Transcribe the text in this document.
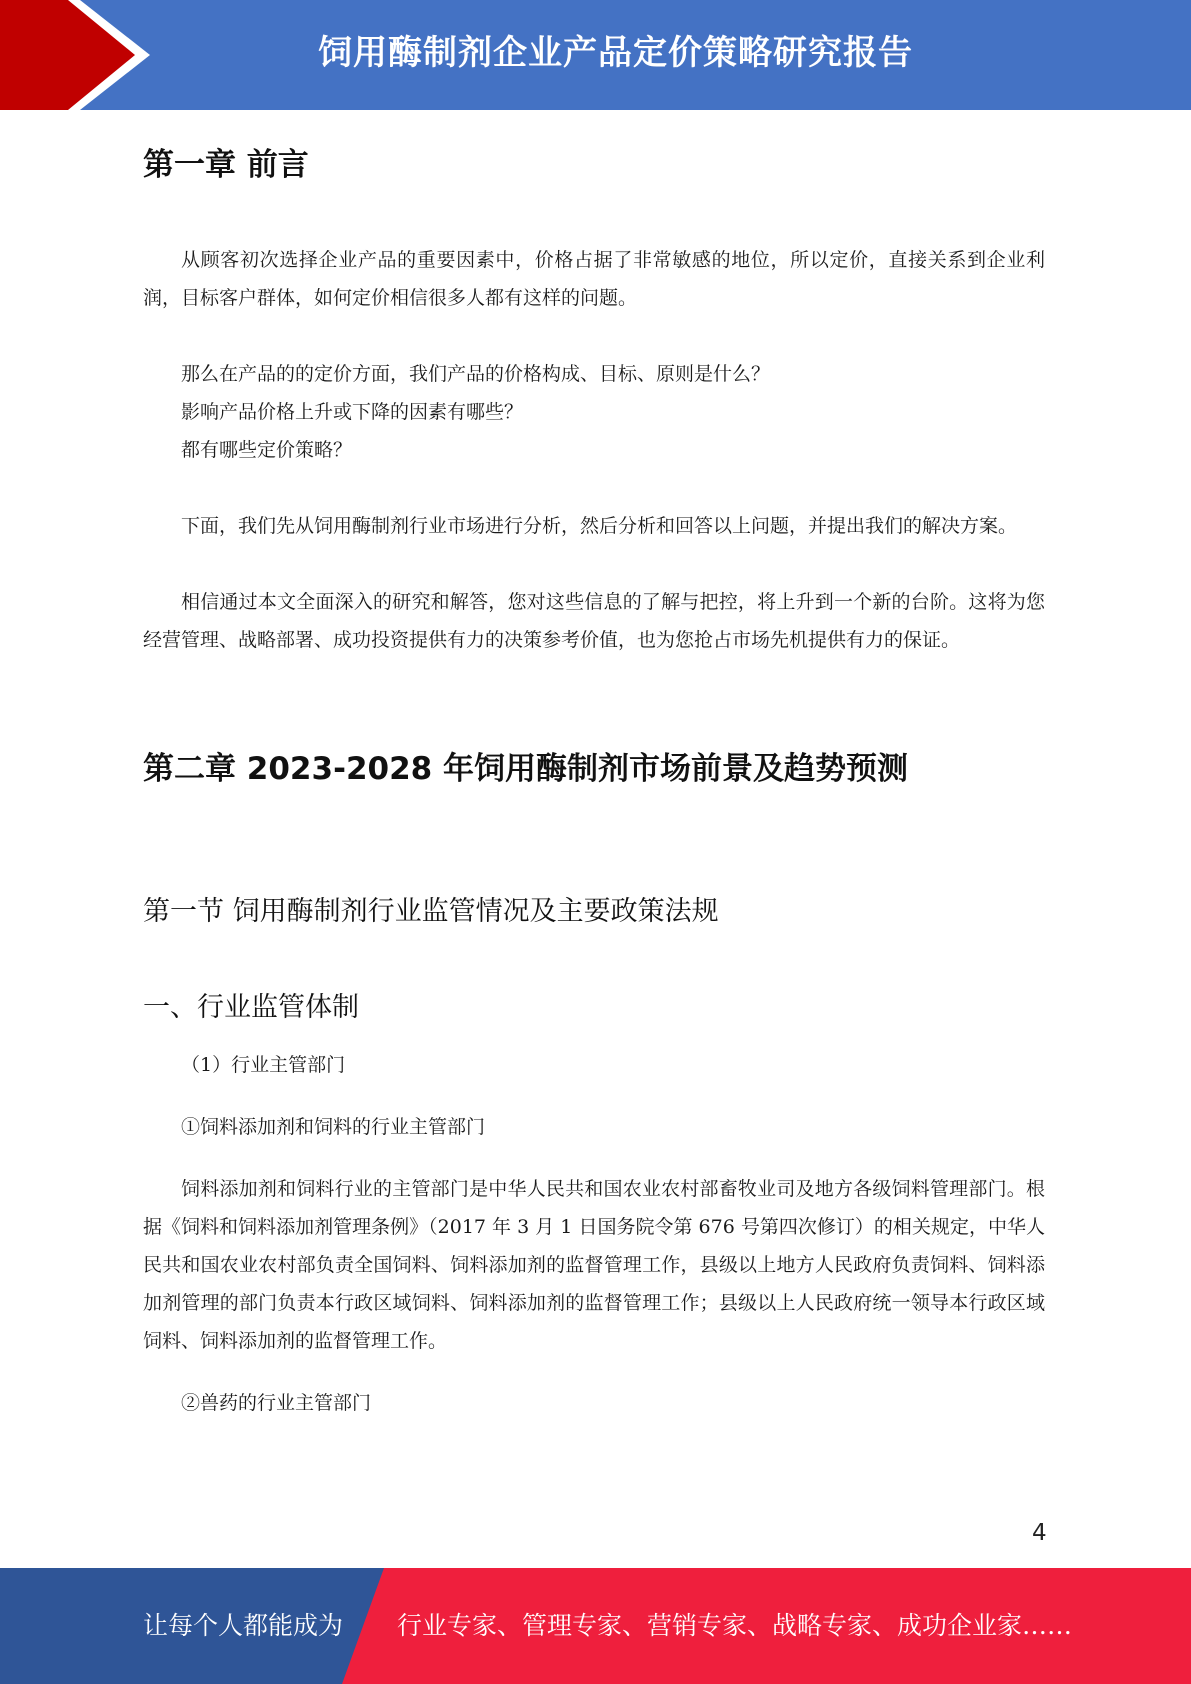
饲用酶制剂企业产品定价策略研究报告
第一章 前言

从顾客初次选择企业产品的重要因素中，价格占据了非常敏感的地位，所以定价，直接关系到企业利润，目标客户群体，如何定价相信很多人都有这样的问题。

那么在产品的的定价方面，我们产品的价格构成、目标、原则是什么？

影响产品价格上升或下降的因素有哪些？

都有哪些定价策略？

下面，我们先从饲用酶制剂行业市场进行分析，然后分析和回答以上问题，并提出我们的解决方案。

相信通过本文全面深入的研究和解答，您对这些信息的了解与把控，将上升到一个新的台阶。这将为您经营管理、战略部署、成功投资提供有力的决策参考价值，也为您抢占市场先机提供有力的保证。

第二章 2023-2028 年饲用酶制剂市场前景及趋势预测
第一节 饲用酶制剂行业监管情况及主要政策法规
一、行业监管体制

（1）行业主管部门

①饲料添加剂和饲料的行业主管部门

饲料添加剂和饲料行业的主管部门是中华人民共和国农业农村部畜牧业司及地方各级饲料管理部门。根据《饲料和饲料添加剂管理条例》（2017 年 3 月 1 日国务院令第 676 号第四次修订）的相关规定，中华人民共和国农业农村部负责全国饲料、饲料添加剂的监督管理工作，县级以上地方人民政府负责饲料、饲料添加剂管理的部门负责本行政区域饲料、饲料添加剂的监督管理工作；县级以上人民政府统一领导本行政区域饲料、饲料添加剂的监督管理工作。

②兽药的行业主管部门

4
让每个人都能成为 行业专家、管理专家、营销专家、战略专家、成功企业家……
